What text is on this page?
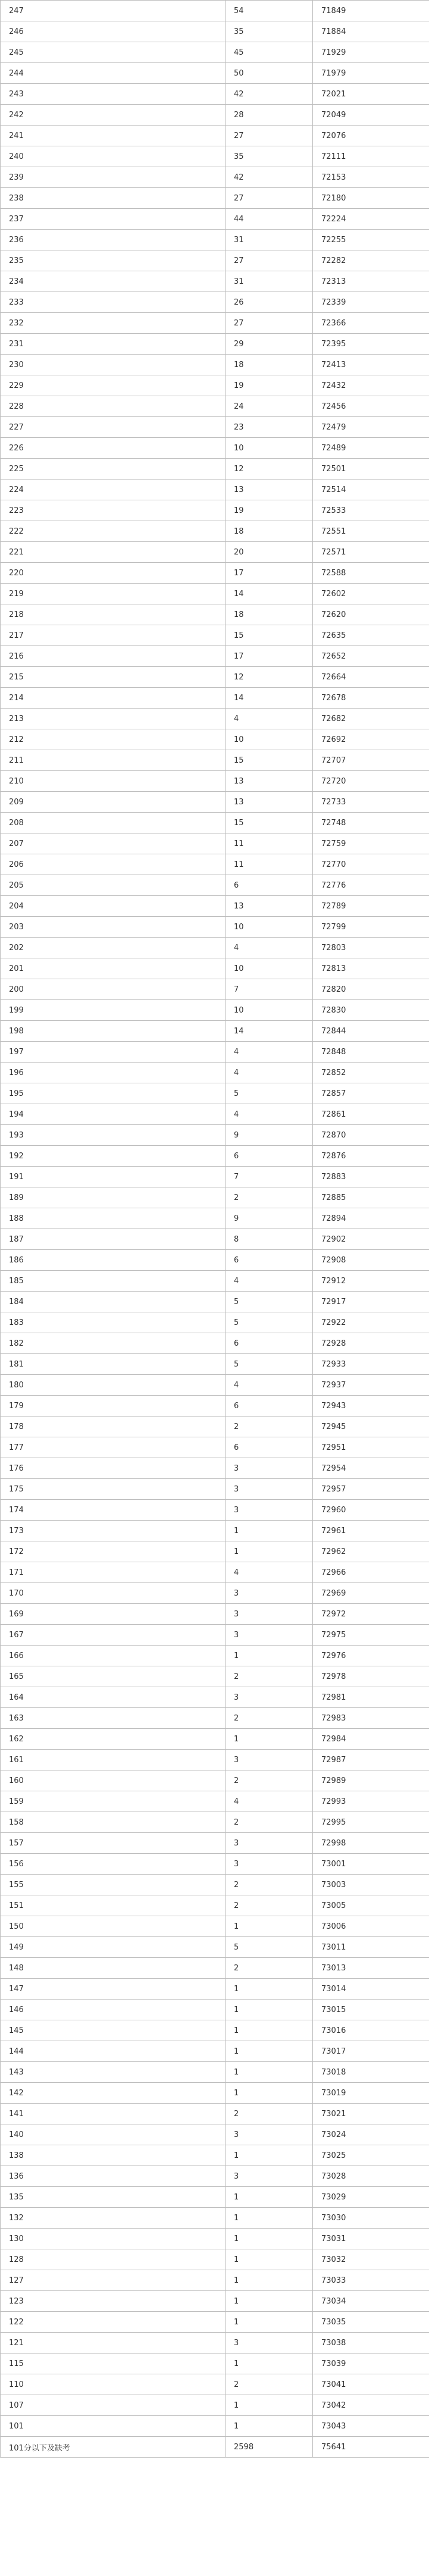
247	54	71849
246	35	71884
245	45	71929
244	50	71979
243	42	72021
242	28	72049
241	27	72076
240	35	72111
239	42	72153
238	27	72180
237	44	72224
236	31	72255
235	27	72282
234	31	72313
233	26	72339
232	27	72366
231	29	72395
230	18	72413
229	19	72432
228	24	72456
227	23	72479
226	10	72489
225	12	72501
224	13	72514
223	19	72533
222	18	72551
221	20	72571
220	17	72588
219	14	72602
218	18	72620
217	15	72635
216	17	72652
215	12	72664
214	14	72678
213	4	72682
212	10	72692
211	15	72707
210	13	72720
209	13	72733
208	15	72748
207	11	72759
206	11	72770
205	6	72776
204	13	72789
203	10	72799
202	4	72803
201	10	72813
200	7	72820
199	10	72830
198	14	72844
197	4	72848
196	4	72852
195	5	72857
194	4	72861
193	9	72870
192	6	72876
191	7	72883
189	2	72885
188	9	72894
187	8	72902
186	6	72908
185	4	72912
184	5	72917
183	5	72922
182	6	72928
181	5	72933
180	4	72937
179	6	72943
178	2	72945
177	6	72951
176	3	72954
175	3	72957
174	3	72960
173	1	72961
172	1	72962
171	4	72966
170	3	72969
169	3	72972
167	3	72975
166	1	72976
165	2	72978
164	3	72981
163	2	72983
162	1	72984
161	3	72987
160	2	72989
159	4	72993
158	2	72995
157	3	72998
156	3	73001
155	2	73003
151	2	73005
150	1	73006
149	5	73011
148	2	73013
147	1	73014
146	1	73015
145	1	73016
144	1	73017
143	1	73018
142	1	73019
141	2	73021
140	3	73024
138	1	73025
136	3	73028
135	1	73029
132	1	73030
130	1	73031
128	1	73032
127	1	73033
123	1	73034
122	1	73035
121	3	73038
115	1	73039
110	2	73041
107	1	73042
101	1	73043
101分以下及缺考	2598	75641
